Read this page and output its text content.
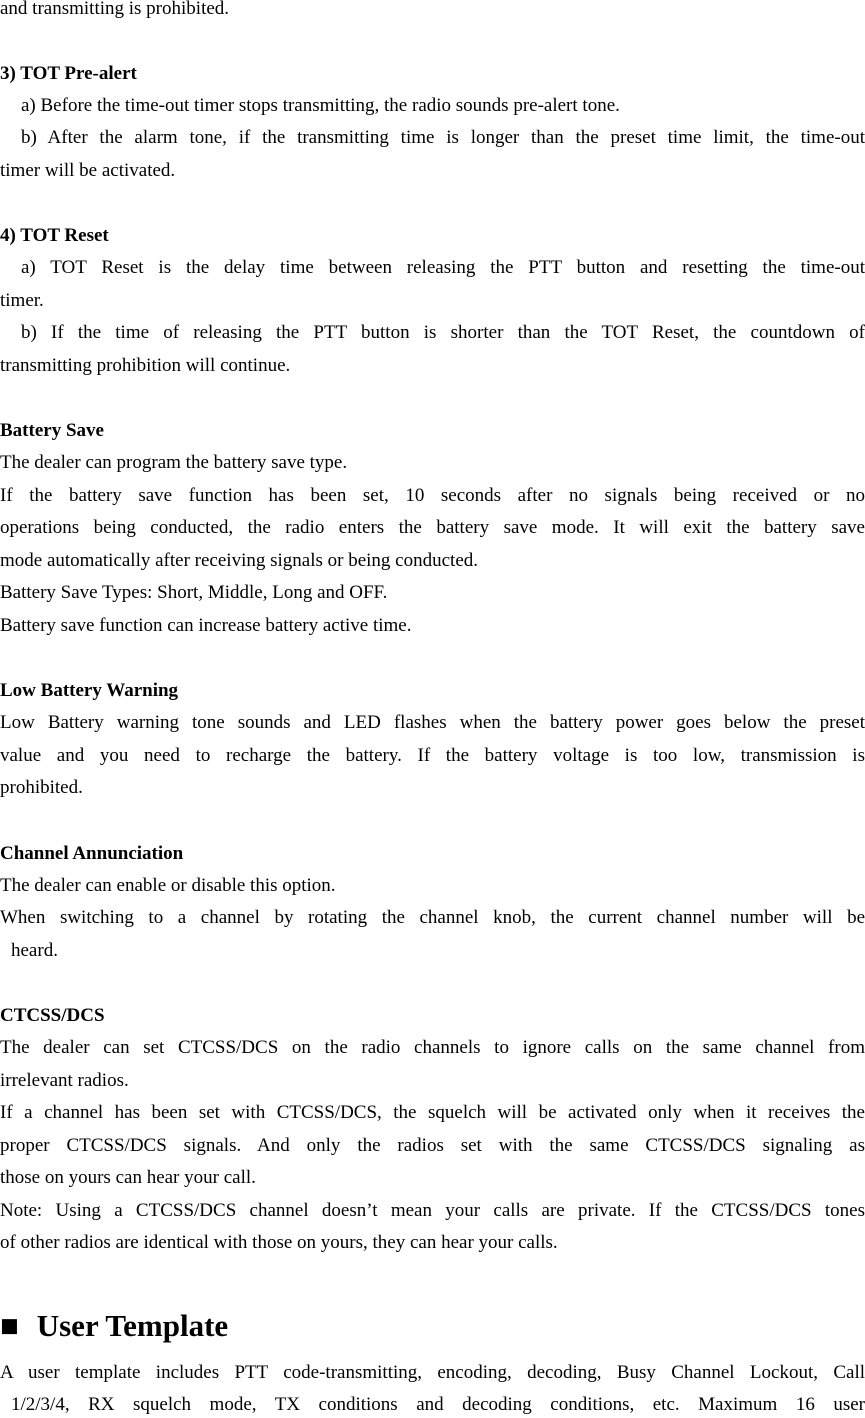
and transmitting is prohibited.

3) TOT Pre-alert

a) Before the time-out timer stops transmitting, the radio sounds pre-alert tone.

b) After the alarm tone, if the transmitting time is longer than the preset time limit, the time-out

timer will be activated.

4) TOT Reset

a) TOT Reset is the delay time between releasing the PTT button and resetting the time-out

timer.

b) If the time of releasing the PTT button is shorter than the TOT Reset, the countdown of

transmitting prohibition will continue.

Battery Save

The dealer can program the battery save type.

If the battery save function has been set, 10 seconds after no signals being received or no

operations being conducted, the radio enters the battery save mode. It will exit the battery save

mode automatically after receiving signals or being conducted.

Battery Save Types: Short, Middle, Long and OFF.

Battery save function can increase battery active time.

Low Battery Warning

Low Battery warning tone sounds and LED flashes when the battery power goes below the preset

value and you need to recharge the battery. If the battery voltage is too low, transmission is

prohibited.

Channel Annunciation

The dealer can enable or disable this option.

When switching to a channel by rotating the channel knob, the current channel number will be

heard.

CTCSS/DCS

The dealer can set CTCSS/DCS on the radio channels to ignore calls on the same channel from

irrelevant radios.

If a channel has been set with CTCSS/DCS, the squelch will be activated only when it receives the

proper CTCSS/DCS signals. And only the radios set with the same CTCSS/DCS signaling as

those on yours can hear your call.

Note: Using a CTCSS/DCS channel doesn’t mean your calls are private. If the CTCSS/DCS tones

of other radios are identical with those on yours, they can hear your calls.

■ User Template

A user template includes PTT code-transmitting, encoding, decoding, Busy Channel Lockout, Call

1/2/3/4, RX squelch mode, TX conditions and decoding conditions, etc. Maximum 16 user
